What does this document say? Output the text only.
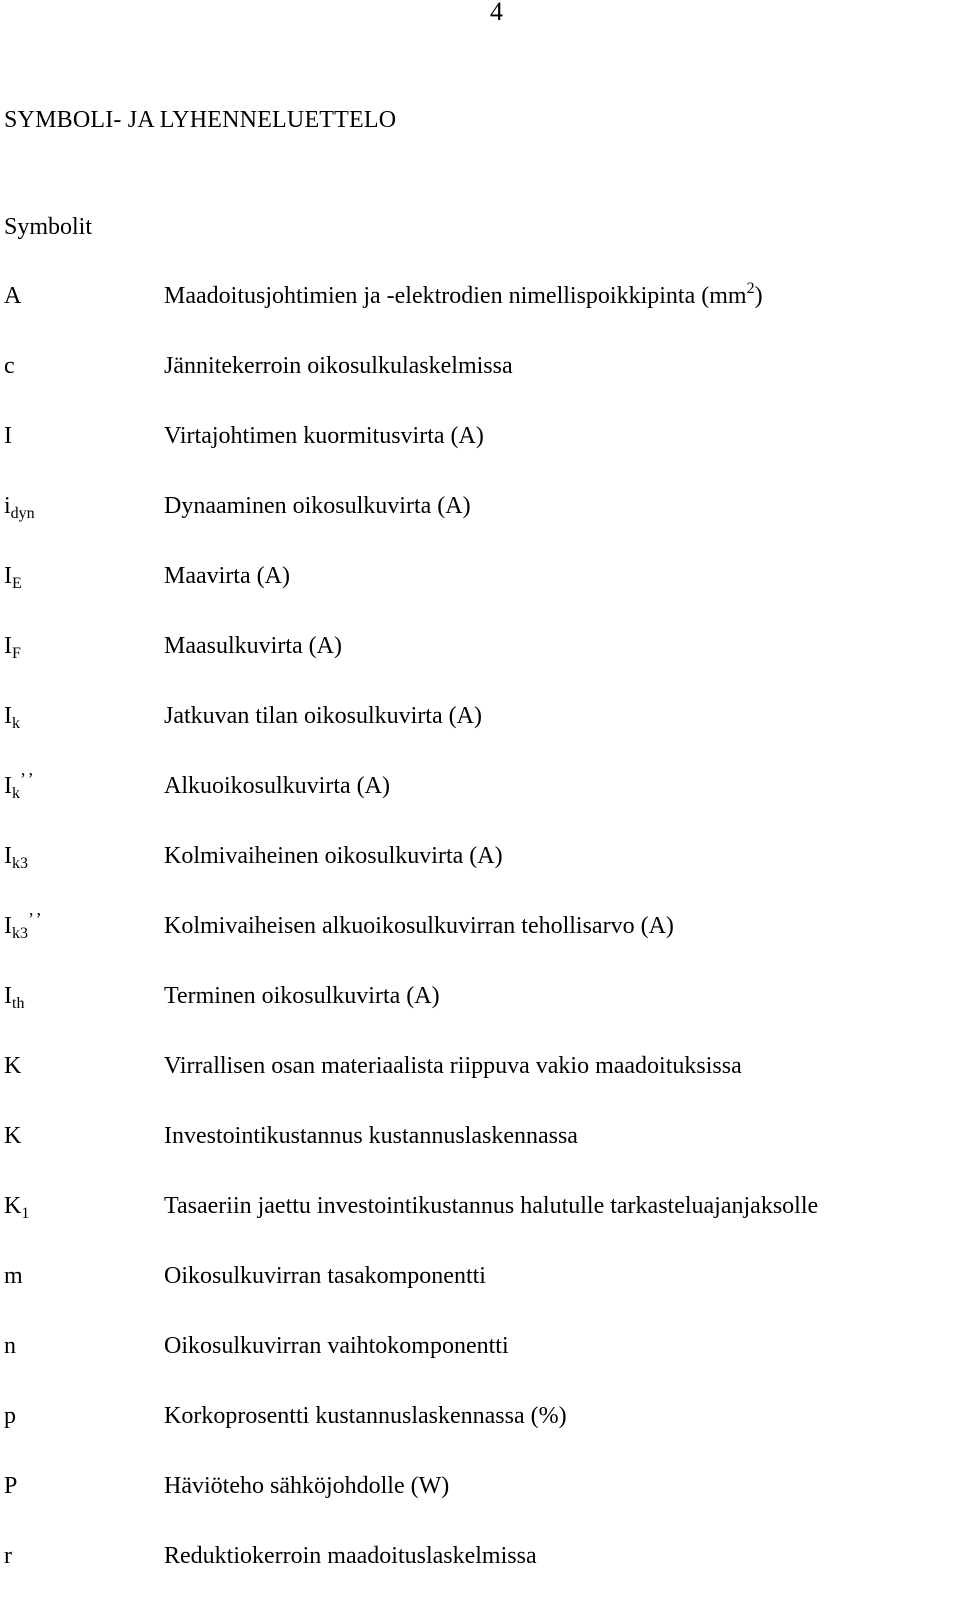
4
SYMBOLI- JA LYHENNELUETTELO
Symbolit
A	Maadoitusjohtimien ja -elektrodien nimellispoikkipinta $(mm^2)$
c	Jännitekerroin oikosulkulaskelmissa
I	Virtajohtimen kuormitusvirta (A)
$i_{dyn}$	Dynaaminen oikosulkuvirta (A)
$I_E$	Maavirta (A)
$I_F$	Maasulkuvirta (A)
$I_k$	Jatkuvan tilan oikosulkuvirta (A)
$I_k^{’’}$	Alkuoikosulkuvirta (A)
$I_{k3}$	Kolmivaiheinen oikosulkuvirta (A)
$I_{k3}^{’’}$	Kolmivaiheisen alkuoikosulkuvirran tehollisarvo (A)
$I_{th}$	Terminen oikosulkuvirta (A)
K	Virrallisen osan materiaalista riippuva vakio maadoituksissa
K	Investointikustannus kustannuslaskennassa
$K_1$	Tasaeriin jaettu investointikustannus halutulle tarkasteluajanjaksolle
m	Oikosulkuvirran tasakomponentti
n	Oikosulkuvirran vaihtokomponentti
p	Korkoprosentti kustannuslaskennassa (%)
P	Häviöteho sähköjohdolle (W)
r	Reduktiokerroin maadoituslaskelmissa
